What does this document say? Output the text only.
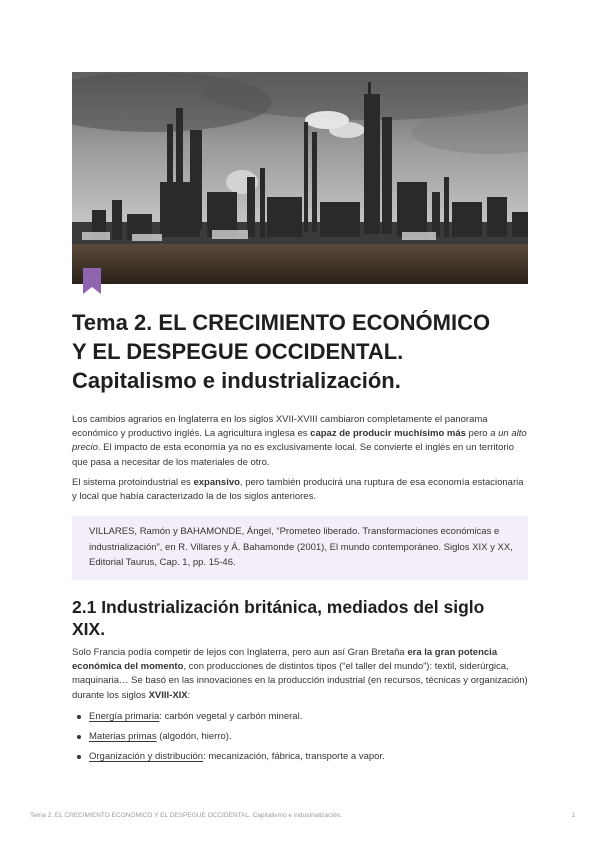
Tema 2. EL CRECIMIENTO ECONÓMICO
Y EL DESPEGUE OCCIDENTAL.
Capitalismo e industrialización.

Los cambios agrarios en Inglaterra en los siglos XVII-XVIII cambiaron completamente el panorama económico y productivo inglés. La agricultura inglesa es capaz de producir muchísimo más pero a un alto precio. El impacto de esta economía ya no es exclusivamente local. Se convierte el inglés en un territorio que pasa a necesitar de los materiales de otro.

El sistema protoindustrial es expansivo, pero también producirá una ruptura de esa economía estacionaria y local que había caracterizado la de los siglos anteriores.

VILLARES, Ramón y BAHAMONDE, Ángel, “Prometeo liberado. Transformaciones económicas e industrialización”, en R. Villares y Á. Bahamonde (2001), El mundo contemporáneo. Siglos XIX y XX, Editorial Taurus, Cap. 1, pp. 15-46.

2.1 Industrialización británica, mediados del siglo XIX.

Solo Francia podía competir de lejos con Inglaterra, pero aun así Gran Bretaña era la gran potencia económica del momento, con producciones de distintos tipos (“el taller del mundo”): textil, siderúrgica, maquinaria… Se basó en las innovaciones en la producción industrial (en recursos, técnicas y organización) durante los siglos XVIII-XIX:

Energía primaria: carbón vegetal y carbón mineral.
Materias primas (algodón, hierro).
Organización y distribución: mecanización, fábrica, transporte a vapor.
Tema 2. EL CRECIMIENTO ECONÓMICO Y EL DESPEGUE OCCIDENTAL. Capitalismo e industrialización.	1
